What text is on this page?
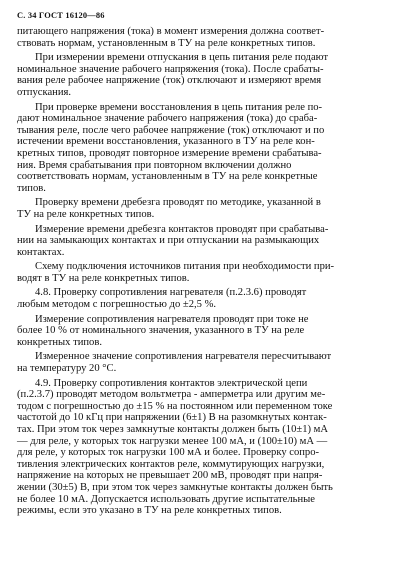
С. 34 ГОСТ 16120—86
питающего напряжения (тока) в момент измерения должна соответ-
ствовать нормам, установленным в ТУ на реле конкретных типов.
При измерении времени отпускания в цепь питания реле подают
номинальное значение рабочего напряжения (тока). После срабаты-
вания реле рабочее напряжение (ток) отключают и измеряют время
отпускания.
При проверке времени восстановления в цепь питания реле по-
дают номинальное значение рабочего напряжения (тока) до сраба-
тывания реле, после чего рабочее напряжение (ток) отключают и по
истечении времени восстановления, указанного в ТУ на реле кон-
кретных типов, проводят повторное измерение времени срабатыва-
ния. Время срабатывания при повторном включении должно
соответствовать нормам, установленным в ТУ на реле конкретные
типов.
Проверку времени дребезга проводят по методике, указанной в
ТУ на реле конкретных типов.
Измерение времени дребезга контактов проводят при срабатыва-
нии на замыкающих контактах и при отпускании на размыкающих
контактах.
Схему подключения источников питания при необходимости при-
водят в ТУ на реле конкретных типов.
4.8. Проверку сопротивления нагревателя (п.2.3.6) проводят
любым методом с погрешностью до ±2,5 %.
Измерение сопротивления нагревателя проводят при токе не
более 10 % от номинального значения, указанного в ТУ на реле
конкретных типов.
Измеренное значение сопротивления нагревателя пересчитывают
на температуру 20 °С.
4.9. Проверку сопротивления контактов электрической цепи
(п.2.3.7) проводят методом вольтметра - амперметра или другим ме-
тодом с погрешностью до ±15 % на постоянном или переменном токе
частотой до 10 кГц при напряжении (6±1) В на разомкнутых контак-
тах. При этом ток через замкнутые контакты должен быть (10±1) мА
— для реле, у которых ток нагрузки менее 100 мА, и (100±10) мА —
для реле, у которых ток нагрузки 100 мА и более. Проверку сопро-
тивления электрических контактов реле, коммутирующих нагрузки,
напряжение на которых не превышает 200 мВ, проводят при напря-
жении (30±5) В, при этом ток через замкнутые контакты должен быть
не более 10 мА. Допускается использовать другие испытательные
режимы, если это указано в ТУ на реле конкретных типов.
